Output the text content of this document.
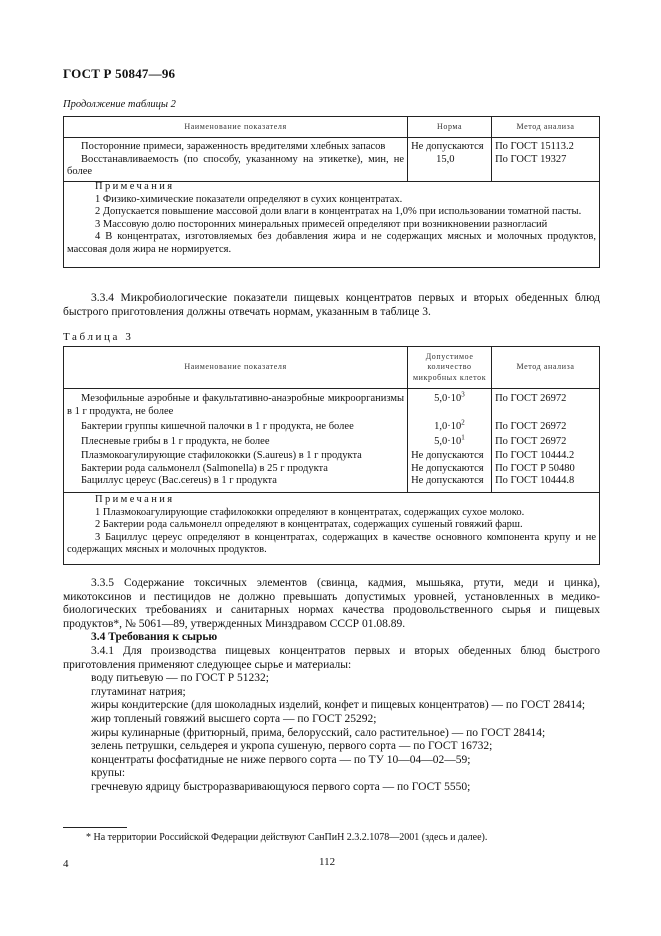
ГОСТ Р 50847—96
Продолжение таблицы 2
Наименование показателя	Норма	Метод анализа
Посторонние примеси, зараженность вредителями хлебных запасов	Не допускаются	По ГОСТ 15113.2
Восстанавливаемость (по способу, указанному на этикетке), мин, не более	15,0	По ГОСТ 19327
Примечания

1 Физико-химические показатели определяют в сухих концентратах.

2 Допускается повышение массовой доли влаги в концентратах на 1,0% при использовании томатной пасты.

3 Массовую долю посторонних минеральных примесей определяют при возникновении разногласий

4 В концентратах, изготовляемых без добавления жира и не содержащих мясных и молочных продуктов, массовая доля жира не нормируется.

3.3.4 Микробиологические показатели пищевых концентратов первых и вторых обеденных блюд быстрого приготовления должны отвечать нормам, указанным в таблице 3.

Таблица 3
Наименование показателя	Допустимое
количество
микробных клеток	Метод анализа
Мезофильные аэробные и факультативно-анаэробные микроорганизмы в 1 г продукта, не более	$5,0\cdot 10^3$	По ГОСТ 26972
Бактерии группы кишечной палочки в 1 г продукта, не более	$1,0\cdot 10^2$	По ГОСТ 26972
Плесневые грибы в 1 г продукта, не более	$5,0\cdot 10^1$	По ГОСТ 26972
Плазмокоагулирующие стафилококки (S.aureus) в 1 г продукта	Не допускаются	По ГОСТ 10444.2
Бактерии рода сальмонелл (Salmonella) в 25 г продукта	Не допускаются	По ГОСТ Р 50480
Бациллус цереус (Bac.cereus) в 1 г продукта	Не допускаются	По ГОСТ 10444.8
Примечания

1 Плазмокоагулирующие стафилококки определяют в концентратах, содержащих сухое молоко.

2 Бактерии рода сальмонелл определяют в концентратах, содержащих сушеный говяжий фарш.

3 Бациллус цереус определяют в концентратах, содержащих в качестве основного компонента крупу и не содержащих мясных и молочных продуктов.

3.3.5 Содержание токсичных элементов (свинца, кадмия, мышьяка, ртути, меди и цинка), микотоксинов и пестицидов не должно превышать допустимых уровней, установленных в медико-биологических требованиях и санитарных нормах качества продовольственного сырья и пищевых продуктов*, № 5061—89, утвержденных Минздравом СССР 01.08.89.

3.4 Требования к сырью

3.4.1 Для производства пищевых концентратов первых и вторых обеденных блюд быстрого приготовления применяют следующее сырье и материалы:

воду питьевую — по ГОСТ Р 51232;

глутаминат натрия;

жиры кондитерские (для шоколадных изделий, конфет и пищевых концентратов) — по ГОСТ 28414;

жир топленый говяжий высшего сорта — по ГОСТ 25292;

жиры кулинарные (фритюрный, прима, белорусский, сало растительное) — по ГОСТ 28414;

зелень петрушки, сельдерея и укропа сушеную, первого сорта — по ГОСТ 16732;

концентраты фосфатидные не ниже первого сорта — по ТУ 10—04—02—59;

крупы:

гречневую ядрицу быстроразваривающуюся первого сорта — по ГОСТ 5550;

* На территории Российской Федерации действуют СанПиН 2.3.2.1078—2001 (здесь и далее).
4	112
